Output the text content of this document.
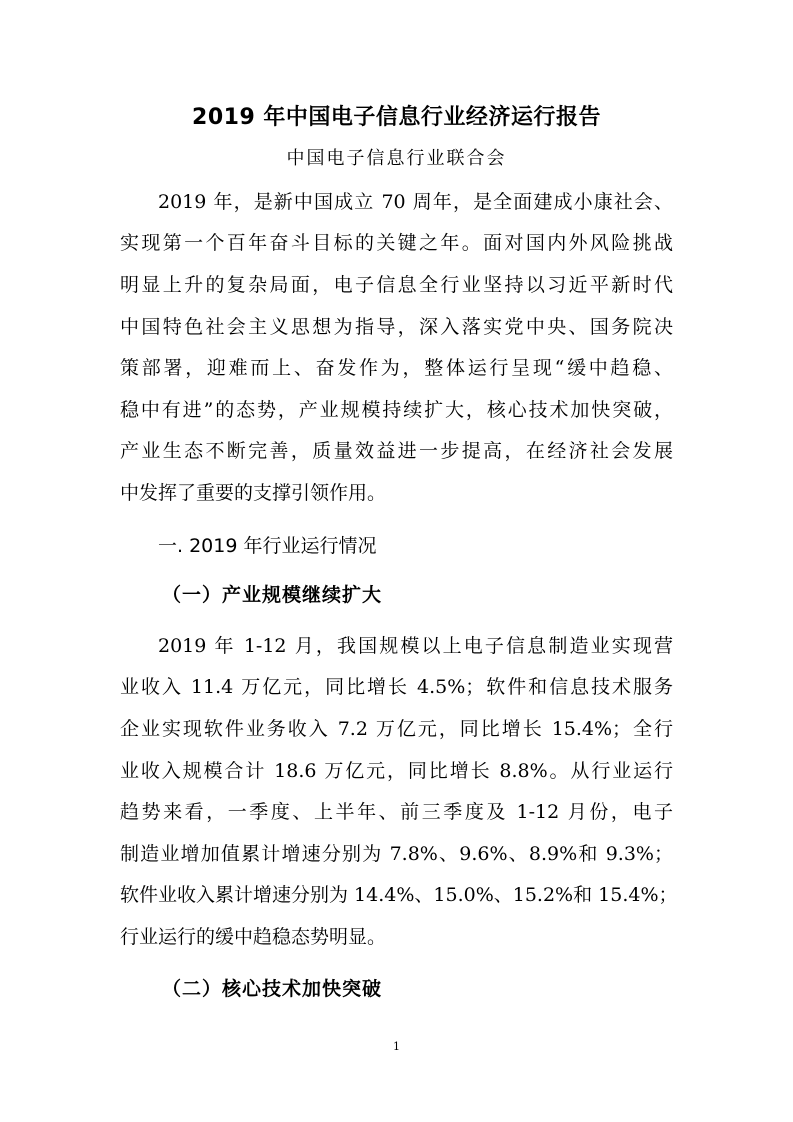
2019 年中国电子信息行业经济运行报告
中国电子信息行业联合会
2019 年，是新中国成立 70 周年，是全面建成小康社会、
实现第一个百年奋斗目标的关键之年。面对国内外风险挑战
明显上升的复杂局面，电子信息全行业坚持以习近平新时代
中国特色社会主义思想为指导，深入落实党中央、国务院决
策部署，迎难而上、奋发作为，整体运行呈现“缓中趋稳、
稳中有进”的态势，产业规模持续扩大，核心技术加快突破，
产业生态不断完善，质量效益进一步提高，在经济社会发展
中发挥了重要的支撑引领作用。
一. 2019 年行业运行情况
（一）产业规模继续扩大
2019 年 1-12 月，我国规模以上电子信息制造业实现营
业收入 11.4 万亿元，同比增长 4.5%；软件和信息技术服务
企业实现软件业务收入 7.2 万亿元，同比增长 15.4%；全行
业收入规模合计 18.6 万亿元，同比增长 8.8%。从行业运行
趋势来看，一季度、上半年、前三季度及 1-12 月份，电子
制造业增加值累计增速分别为 7.8%、9.6%、8.9%和 9.3%；
软件业收入累计增速分别为 14.4%、15.0%、15.2%和 15.4%；
行业运行的缓中趋稳态势明显。
（二）核心技术加快突破
1
